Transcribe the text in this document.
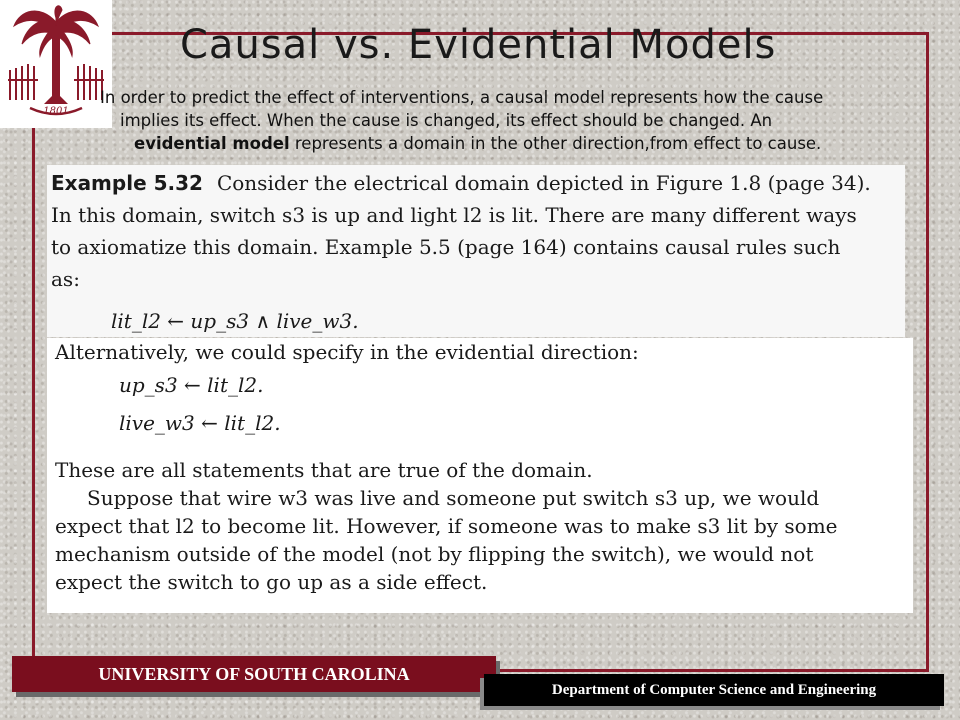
1801
Causal vs. Evidential Models
In order to predict the effect of interventions, a causal model represents how the cause
implies its effect. When the cause is changed, its effect should be changed. An
evidential model represents a domain in the other direction,from effect to cause.
Example 5.32 Consider the electrical domain depicted in Figure 1.8 (page 34).
In this domain, switch s3 is up and light l2 is lit. There are many different ways
to axiomatize this domain. Example 5.5 (page 164) contains causal rules such
as:
lit_l2 ← up_s3 ∧ live_w3.
Alternatively, we could specify in the evidential direction:
up_s3 ← lit_l2.
live_w3 ← lit_l2.
These are all statements that are true of the domain.
Suppose that wire w3 was live and someone put switch s3 up, we would
expect that l2 to become lit. However, if someone was to make s3 lit by some
mechanism outside of the model (not by flipping the switch), we would not
expect the switch to go up as a side effect.
UNIVERSITY OF SOUTH CAROLINA
Department of Computer Science and Engineering
